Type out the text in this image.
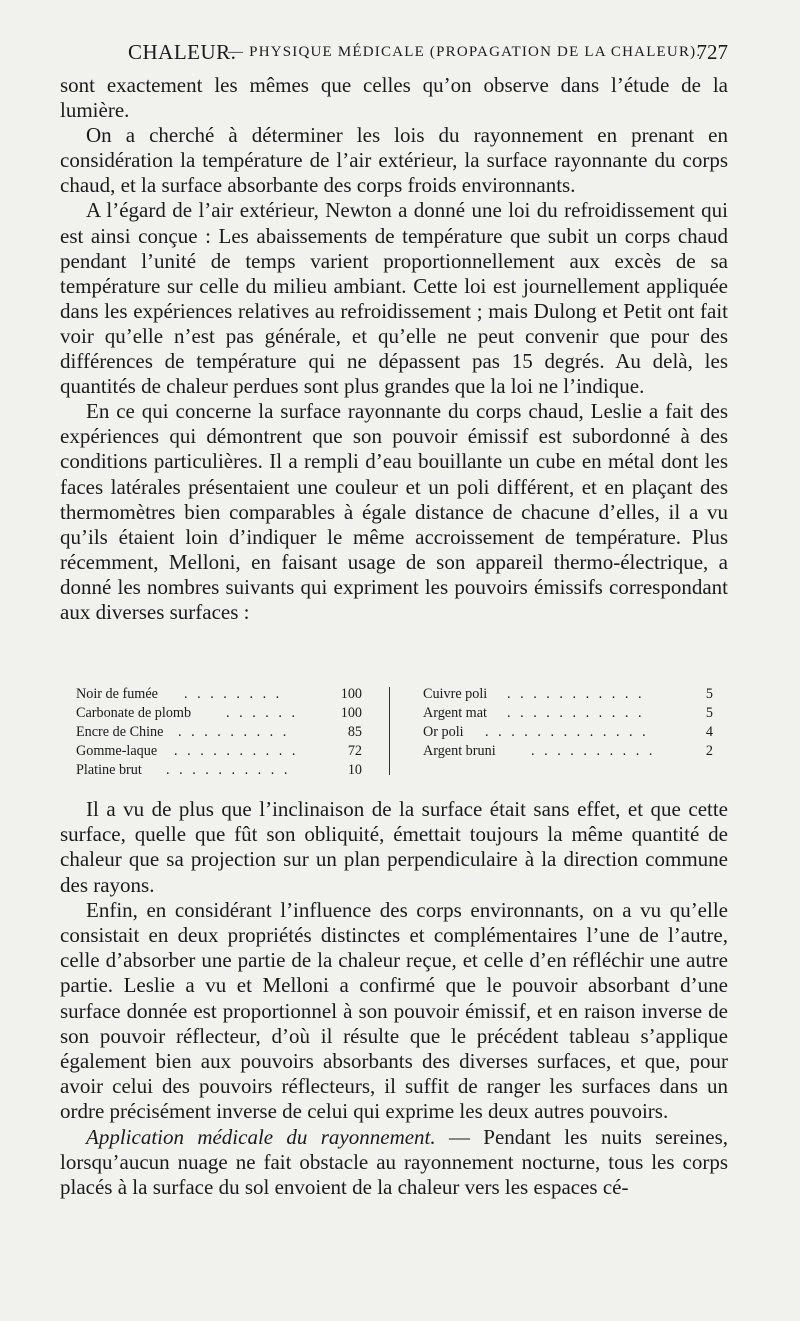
CHALEUR.
— PHYSIQUE MÉDICALE (PROPAGATION DE LA CHALEUR).
727

sont exactement les mêmes que celles qu’on observe dans l’étude de la lumière.

On a cherché à déterminer les lois du rayonnement en prenant en considération la température de l’air extérieur, la surface rayonnante du corps chaud, et la surface absorbante des corps froids environnants.

A l’égard de l’air extérieur, Newton a donné une loi du refroidissement qui est ainsi conçue : Les abaissements de température que subit un corps chaud pendant l’unité de temps varient proportionnellement aux excès de sa température sur celle du milieu ambiant. Cette loi est journellement appliquée dans les expériences relatives au refroidissement ; mais Dulong et Petit ont fait voir qu’elle n’est pas générale, et qu’elle ne peut convenir que pour des différences de température qui ne dépassent pas 15 degrés. Au delà, les quantités de chaleur perdues sont plus grandes que la loi ne l’indique.

En ce qui concerne la surface rayonnante du corps chaud, Leslie a fait des expériences qui démontrent que son pouvoir émissif est subordonné à des conditions particulières. Il a rempli d’eau bouillante un cube en métal dont les faces latérales présentaient une couleur et un poli différent, et en plaçant des thermomètres bien comparables à égale distance de chacune d’elles, il a vu qu’ils étaient loin d’indiquer le même accroissement de température. Plus récemment, Melloni, en faisant usage de son appareil thermo-électrique, a donné les nombres suivants qui expriment les pouvoirs émissifs correspondant aux diverses surfaces :

Noir de fumée . . . . . . . .	100
Carbonate de plomb . . . . . .	100
Encre de Chine . . . . . . . . .	85
Gomme-laque . . . . . . . . . .	72
Platine brut . . . . . . . . . .	10
Cuivre poli . . . . . . . . . . .	5
Argent mat . . . . . . . . . . .	5
Or poli . . . . . . . . . . . . .	4
Argent bruni . . . . . . . . . .	2

Il a vu de plus que l’inclinaison de la surface était sans effet, et que cette surface, quelle que fût son obliquité, émettait toujours la même quantité de chaleur que sa projection sur un plan perpendiculaire à la direction commune des rayons.

Enfin, en considérant l’influence des corps environnants, on a vu qu’elle consistait en deux propriétés distinctes et complémentaires l’une de l’autre, celle d’absorber une partie de la chaleur reçue, et celle d’en réfléchir une autre partie. Leslie a vu et Melloni a confirmé que le pouvoir absorbant d’une surface donnée est proportionnel à son pouvoir émissif, et en raison inverse de son pouvoir réflecteur, d’où il résulte que le précédent tableau s’applique également bien aux pouvoirs absorbants des diverses surfaces, et que, pour avoir celui des pouvoirs réflecteurs, il suffit de ranger les surfaces dans un ordre précisément inverse de celui qui exprime les deux autres pouvoirs.

Application médicale du rayonnement. — Pendant les nuits sereines, lorsqu’aucun nuage ne fait obstacle au rayonnement nocturne, tous les corps placés à la surface du sol envoient de la chaleur vers les espaces cé-
